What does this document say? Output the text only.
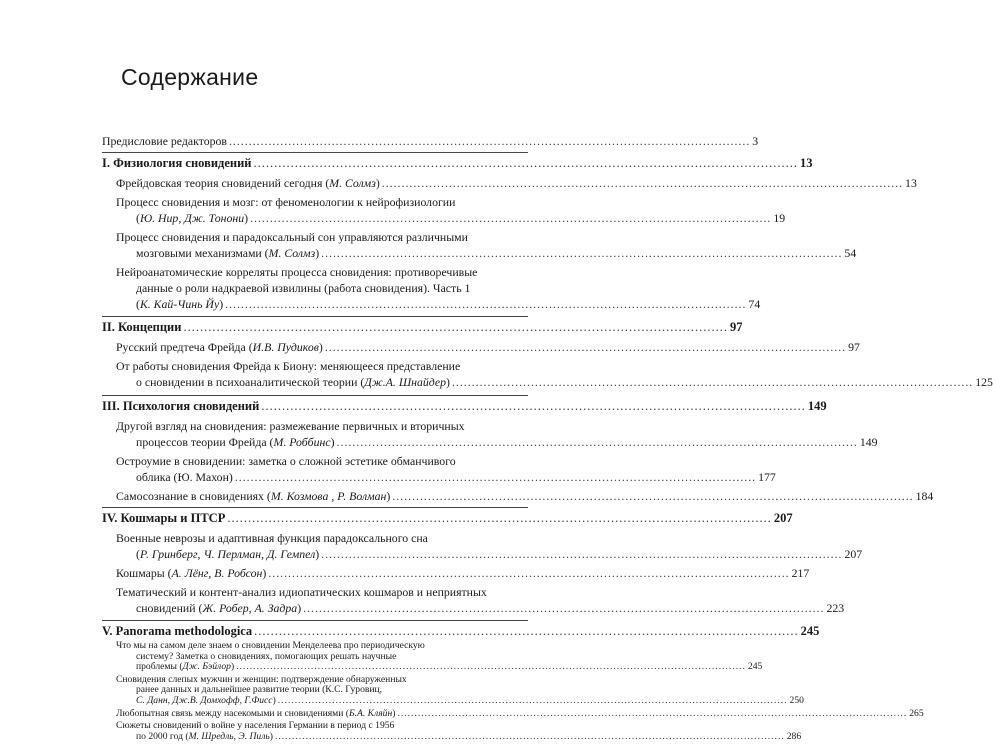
Содержание
Предисловие редакторов .................................................................................................................................... 3
I. Физиология сновидений .................................................................................................................................... 13
Фрейдовская теория сновидений сегодня (М. Солмз) .................................................................................................................................... 13
Процесс сновидения и мозг: от феноменологии к нейрофизиологии
(Ю. Нир, Дж. Тонони) .................................................................................................................................... 19
Процесс сновидения и парадоксальный сон управляются различными
мозговыми механизмами (М. Солмз) .................................................................................................................................... 54
Нейроанатомические корреляты процесса сновидения: противоречивые
данные о роли надкраевой извилины (работа сновидения). Часть 1
(К. Кай-Чинь Йу) .................................................................................................................................... 74
II. Концепции .................................................................................................................................... 97
Русский предтеча Фрейда (И.В. Пудиков) .................................................................................................................................... 97
От работы сновидения Фрейда к Биону: меняющееся представление
о сновидении в психоаналитической теории (Дж.А. Шнайдер) .................................................................................................................................... 125
III. Психология сновидений .................................................................................................................................... 149
Другой взгляд на сновидения: размежевание первичных и вторичных
процессов теории Фрейда (М. Роббинс) .................................................................................................................................... 149
Остроумие в сновидении: заметка о сложной эстетике обманчивого
облика (Ю. Махон) .................................................................................................................................... 177
Самосознание в сновидениях (М. Козмова , Р. Волман) .................................................................................................................................... 184
IV. Кошмары и ПТСР .................................................................................................................................... 207
Военные неврозы и адаптивная функция парадоксального сна
(Р. Гринберг, Ч. Перлман, Д. Гемпел) .................................................................................................................................... 207
Кошмары (А. Лёнг, В. Робсон) .................................................................................................................................... 217
Тематический и контент-анализ идиопатических кошмаров и неприятных
сновидений (Ж. Робер, А. Задра) .................................................................................................................................... 223
V. Panorama methodologica .................................................................................................................................... 245
Что мы на самом деле знаем о сновидении Менделеева про периодическую
систему? Заметка о сновидениях, помогающих решать научные
проблемы (Дж. Бэйлор) ...................................................................................................................................................... 245
Сновидения слепых мужчин и женщин: подтверждение обнаруженных
ранее данных и дальнейшее развитие теории (К.С. Гуровиц,
С. Данн, Дж.В. Домхофф, Г.Фисс) ...................................................................................................................................................... 250
Любопытная связь между насекомыми и сновидениями (Б.А. Кляйн) ...................................................................................................................................................... 265
Сюжеты сновидений о войне у населения Германии в период с 1956
по 2000 год (М. Шредль, Э. Пиль) ...................................................................................................................................................... 286
